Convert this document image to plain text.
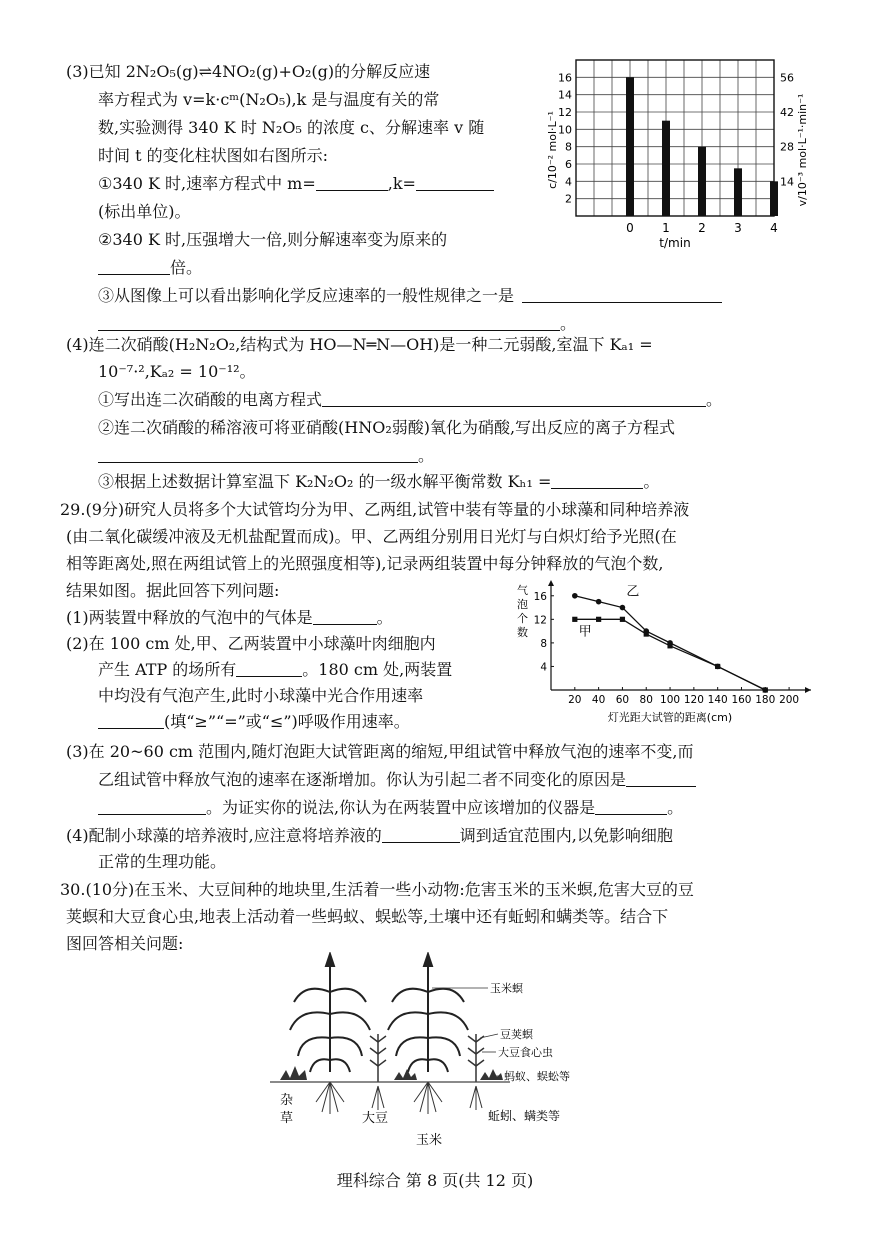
(3)已知 2N₂O₅(g)⇌4NO₂(g)+O₂(g)的分解反应速
率方程式为 v=k·cᵐ(N₂O₅),k 是与温度有关的常
数,实验测得 340 K 时 N₂O₅ 的浓度 c、分解速率 v 随
时间 t 的变化柱状图如右图所示:
①340 K 时,速率方程式中 m=	,k=
(标出单位)。
②340 K 时,压强增大一倍,则分解速率变为原来的
倍。
③从图像上可以看出影响化学反应速率的一般性规律之一是
。
2
4
6
8
10
12
14
16
14
28
42
56
0 1 2 3 4
c/10⁻² mol·L⁻¹	v/10⁻³ mol·L⁻¹·min⁻¹
t/min
(4)连二次硝酸(H₂N₂O₂,结构式为 HO—N═N—OH)是一种二元弱酸,室温下 Kₐ₁ =
10⁻⁷·²,Kₐ₂ = 10⁻¹²。
①写出连二次硝酸的电离方程式	。
②连二次硝酸的稀溶液可将亚硝酸(HNO₂弱酸)氧化为硝酸,写出反应的离子方程式
。
③根据上述数据计算室温下 K₂N₂O₂ 的一级水解平衡常数 Kₕ₁ =	。
29.(9分)研究人员将多个大试管均分为甲、乙两组,试管中装有等量的小球藻和同种培养液
(由二氧化碳缓冲液及无机盐配置而成)。甲、乙两组分别用日光灯与白炽灯给予光照(在
相等距离处,照在两组试管上的光照强度相等),记录两组装置中每分钟释放的气泡个数,
结果如图。据此回答下列问题:
(1)两装置中释放的气泡中的气体是	。
(2)在 100 cm 处,甲、乙两装置中小球藻叶肉细胞内
产生 ATP 的场所有	。180 cm 处,两装置
中均没有气泡产生,此时小球藻中光合作用速率
(填“≥”“=”或“≤”)呼吸作用速率。
气
泡
个
数
20 40 60 80 100 120 140 160 180 200
4
8
12
16	乙
甲
灯光距大试管的距离(cm)
(3)在 20~60 cm 范围内,随灯泡距大试管距离的缩短,甲组试管中释放气泡的速率不变,而
乙组试管中释放气泡的速率在逐渐增加。你认为引起二者不同变化的原因是
。为证实你的说法,你认为在两装置中应该增加的仪器是	。
(4)配制小球藻的培养液时,应注意将培养液的	调到适宜范围内,以免影响细胞
正常的生理功能。
30.(10分)在玉米、大豆间种的地块里,生活着一些小动物:危害玉米的玉米螟,危害大豆的豆
荚螟和大豆食心虫,地表上活动着一些蚂蚁、蜈蚣等,土壤中还有蚯蚓和螨类等。结合下
图回答相关问题:
玉米螟
豆荚螟
大豆食心虫
蚂蚁、蜈蚣等
杂
草	大豆	蚯蚓、螨类等
玉米
理科综合 第 8 页(共 12 页)
